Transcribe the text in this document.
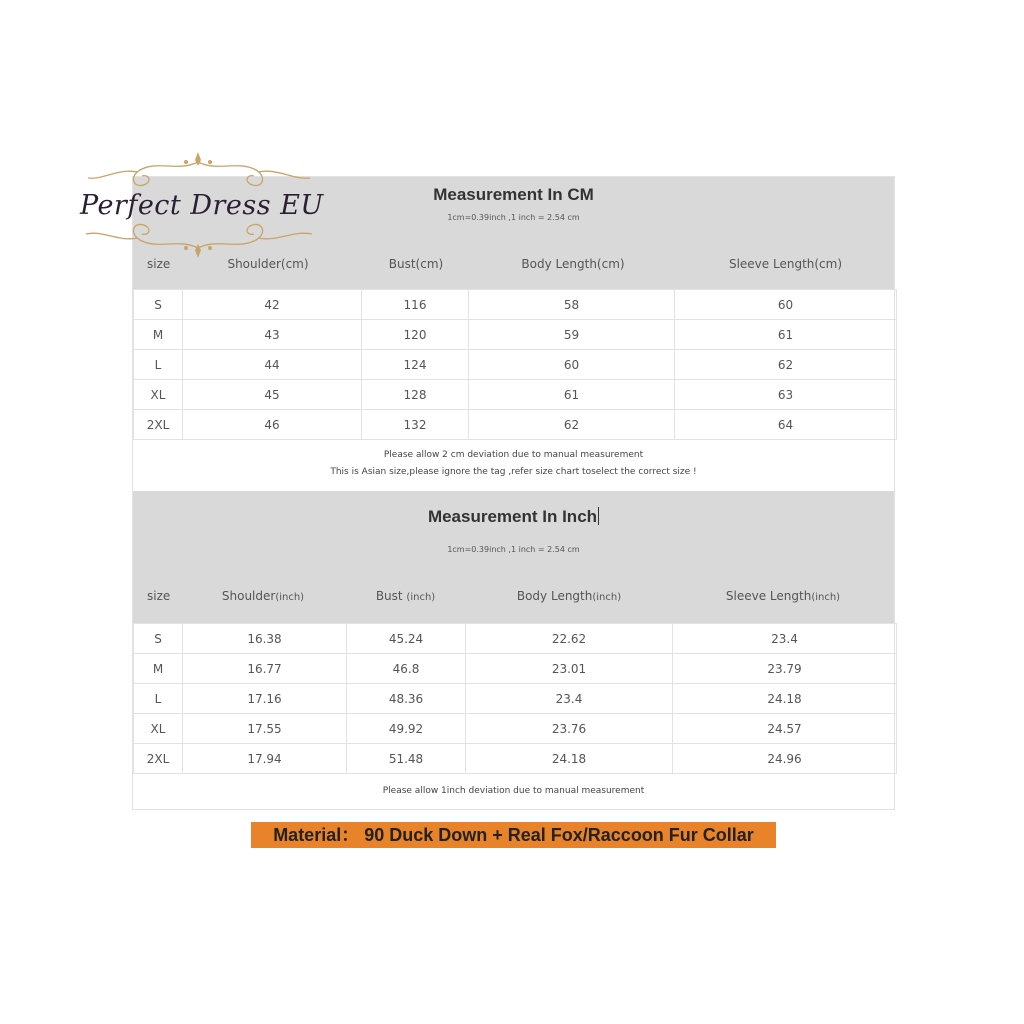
Measurement In CM
1cm=0.39inch ,1 inch = 2.54 cm
size	Shoulder(cm)	Bust(cm)	Body Length(cm)	Sleeve Length(cm)
S	42	116	58	60
M	43	120	59	61
L	44	124	60	62
XL	45	128	61	63
2XL	46	132	62	64
Please allow 2 cm deviation due to manual measurement
This is Asian size,please ignore the tag ,refer size chart toselect the correct size !
Measurement In Inch
1cm=0.39inch ,1 inch = 2.54 cm
size	Shoulder(inch)	Bust (inch)	Body Length(inch)	Sleeve Length(inch)
S	16.38	45.24	22.62	23.4
M	16.77	46.8	23.01	23.79
L	17.16	48.36	23.4	24.18
XL	17.55	49.92	23.76	24.57
2XL	17.94	51.48	24.18	24.96
Please allow 1inch deviation due to manual measurement
Perfect Dress EU
Material： 90 Duck Down + Real Fox/Raccoon Fur Collar
